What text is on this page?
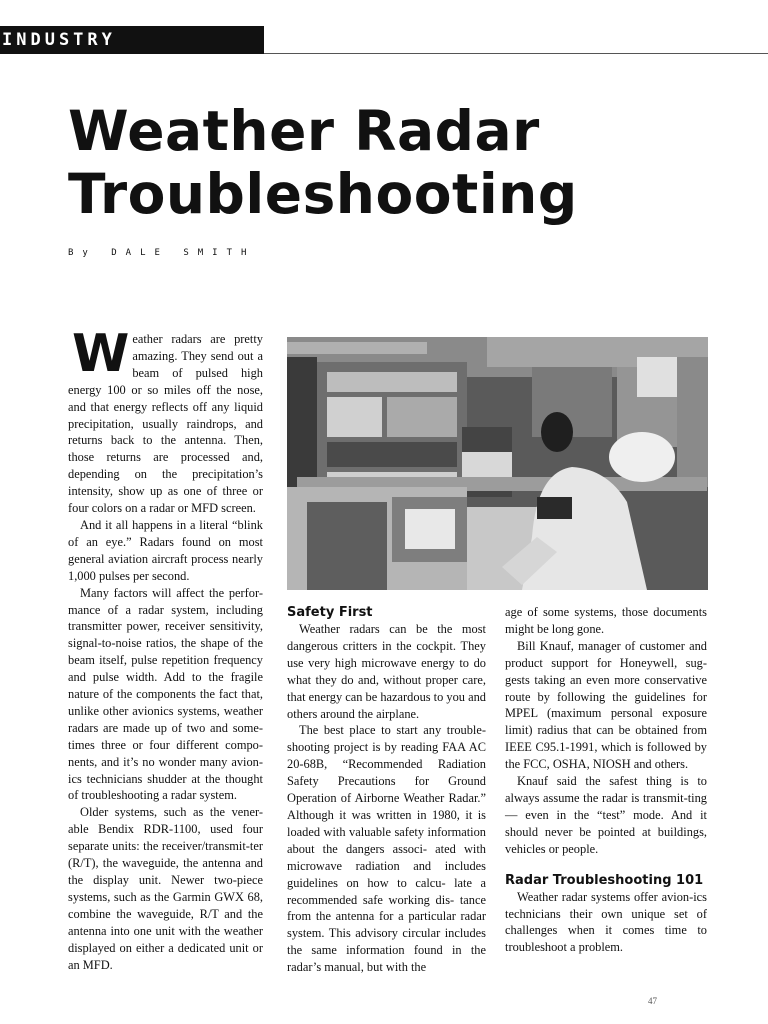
INDUSTRY
Weather Radar
Troubleshooting
By DALE SMITH

Weather radars are pretty amazing. They send out a beam of pulsed high energy 100 or so miles off the nose, and that energy reflects off any liquid precipitation, usually raindrops, and returns back to the antenna. Then, those returns are processed and, depending on the precipitation’s intensity, show up as one of three or four colors on a radar or MFD screen.

And it all happens in a literal “blink of an eye.” Radars found on most general aviation aircraft process nearly 1,000 pulses per second.

Many factors will affect the perfor-mance of a radar system, including transmitter power, receiver sensitivity, signal-to-noise ratios, the shape of the beam itself, pulse repetition frequency and pulse width. Add to the fragile nature of the components the fact that, unlike other avionics systems, weather radars are made up of two and some- times three or four different compo- nents, and it’s no wonder many avion- ics technicians shudder at the thought of troubleshooting a radar system.

Older systems, such as the vener-able Bendix RDR-1100, used four separate units: the receiver/transmit-ter (R/T), the waveguide, the antenna and the display unit. Newer two-piece systems, such as the Garmin GWX 68, combine the waveguide, R/T and the antenna into one unit with the weather displayed on either a dedicated unit or an MFD.

Safety First

Weather radars can be the most dangerous critters in the cockpit. They use very high microwave energy to do what they do and, without proper care, that energy can be hazardous to you and others around the airplane.

The best place to start any trouble-shooting project is by reading FAA AC 20-68B, “Recommended Radiation Safety Precautions for Ground Operation of Airborne Weather Radar.” Although it was written in 1980, it is loaded with valuable safety information about the dangers associ- ated with microwave radiation and includes guidelines on how to calcu- late a recommended safe working dis- tance from the antenna for a particular radar system. This advisory circular includes the same information found in the radar’s manual, but with the

age of some systems, those documents might be long gone.

Bill Knauf, manager of customer and product support for Honeywell, sug-gests taking an even more conservative route by following the guidelines for MPEL (maximum personal exposure limit) radius that can be obtained from IEEE C95.1-1991, which is followed by the FCC, OSHA, NIOSH and others.

Knauf said the safest thing is to always assume the radar is transmit-ting — even in the “test” mode. And it should never be pointed at buildings, vehicles or people.

Radar Troubleshooting 101

Weather radar systems offer avion-ics technicians their own unique set of challenges when it comes time to troubleshoot a problem.

47
